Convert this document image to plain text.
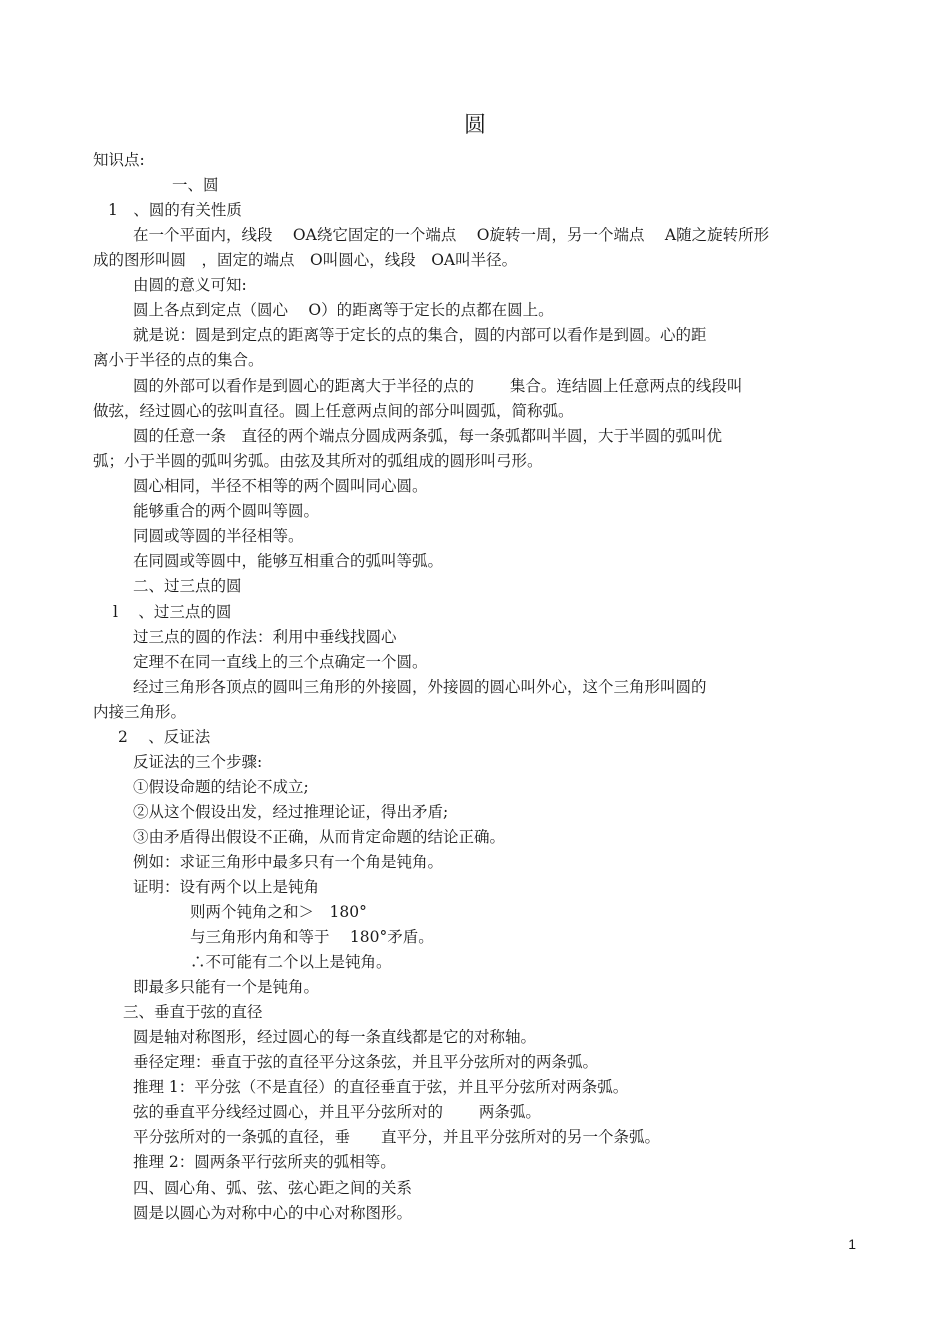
圆
知识点:
一、圆
1　、圆的有关性质
在一个平面内，线段　 OA绕它固定的一个端点　 O旋转一周，另一个端点　 A随之旋转所形
成的图形叫圆　，固定的端点　O叫圆心，线段　OA叫半径。
由圆的意义可知:
圆上各点到定点（圆心　 O）的距离等于定长的点都在圆上。
就是说：圆是到定点的距离等于定长的点的集合，圆的内部可以看作是到圆。心的距
离小于半径的点的集合。
圆的外部可以看作是到圆心的距离大于半径的点的　　 集合。连结圆上任意两点的线段叫
做弦，经过圆心的弦叫直径。圆上任意两点间的部分叫圆弧，简称弧。
圆的任意一条　直径的两个端点分圆成两条弧，每一条弧都叫半圆，大于半圆的弧叫优
弧；小于半圆的弧叫劣弧。由弦及其所对的弧组成的圆形叫弓形。
圆心相同，半径不相等的两个圆叫同心圆。
能够重合的两个圆叫等圆。
同圆或等圆的半径相等。
在同圆或等圆中，能够互相重合的弧叫等弧。
二、过三点的圆
l　 、过三点的圆
过三点的圆的作法：利用中垂线找圆心
定理不在同一直线上的三个点确定一个圆。
经过三角形各顶点的圆叫三角形的外接圆，外接圆的圆心叫外心，这个三角形叫圆的
内接三角形。
2　 、反证法
反证法的三个步骤:
①假设命题的结论不成立;
②从这个假设出发，经过推理论证，得出矛盾;
③由矛盾得出假设不正确，从而肯定命题的结论正确。
例如：求证三角形中最多只有一个角是钝角。
证明：设有两个以上是钝角
则两个钝角之和＞　180°
与三角形内角和等于　 180°矛盾。
∴不可能有二个以上是钝角。
即最多只能有一个是钝角。
三、垂直于弦的直径
圆是轴对称图形，经过圆心的每一条直线都是它的对称轴。
垂径定理：垂直于弦的直径平分这条弦，并且平分弦所对的两条弧。
推理 1：平分弦（不是直径）的直径垂直于弦，并且平分弦所对两条弧。
弦的垂直平分线经过圆心，并且平分弦所对的　　 两条弧。
平分弦所对的一条弧的直径，垂　　直平分，并且平分弦所对的另一个条弧。
推理 2：圆两条平行弦所夹的弧相等。
四、圆心角、弧、弦、弦心距之间的关系
圆是以圆心为对称中心的中心对称图形。
1
